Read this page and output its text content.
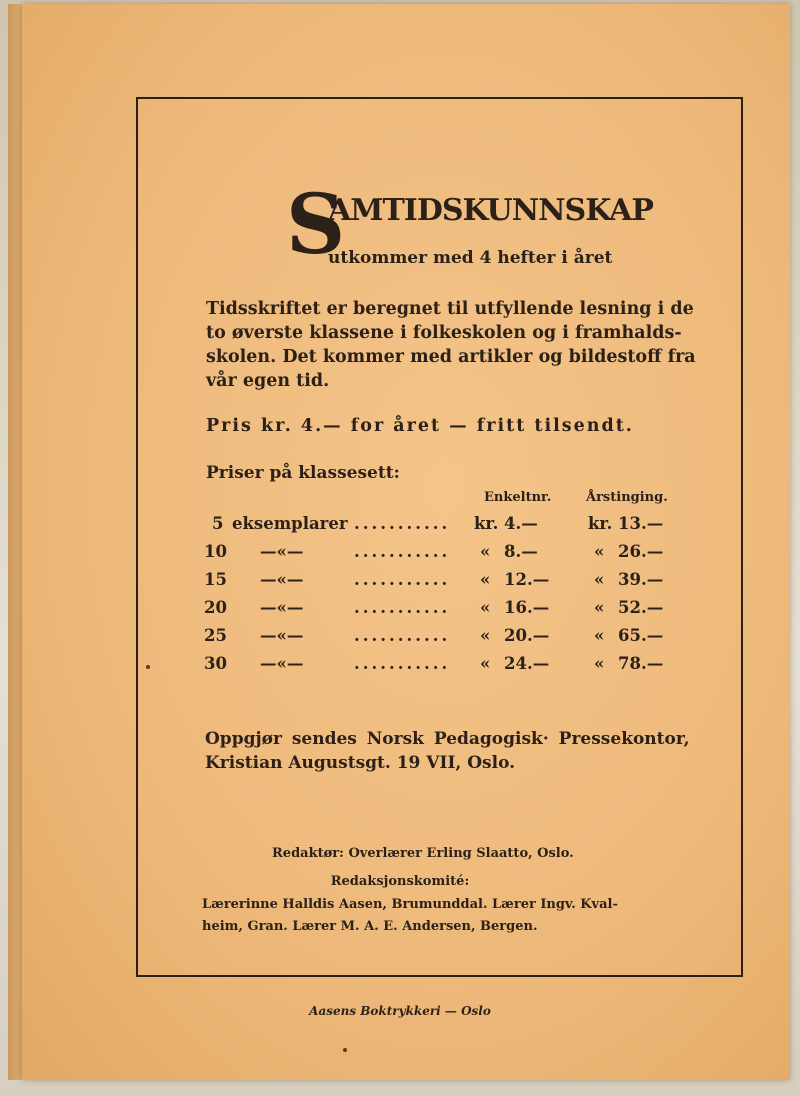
S
AMTIDSKUNNSKAP
utkommer med 4 hefter i året
Tidsskriftet er beregnet til utfyllende lesning i de
to øverste klassene i folkeskolen og i framhalds-
skolen. Det kommer med artikler og bildestoff fra
vår egen tid.
Pris kr. 4.— for året — fritt tilsendt.
Priser på klassesett:
Enkeltnr.	Årstinging.
5 eksemplarer ........... kr. 4.—	kr. 13.—
10 —«—	........... « 8.—	« 26.—
15 —«—	........... « 12.—	« 39.—
20 —«—	........... « 16.—	« 52.—
25 —«—	........... « 20.—	« 65.—
30 —«—	........... « 24.—	« 78.—
Oppgjør sendes Norsk Pedagogisk· Pressekontor,
Kristian Augustsgt. 19 VII, Oslo.
Redaktør: Overlærer Erling Slaatto, Oslo.
Redaksjonskomité:
Lærerinne Halldis Aasen, Brumunddal. Lærer Ingv. Kval-
heim, Gran. Lærer M. A. E. Andersen, Bergen.
Aasens Boktrykkeri — Oslo
